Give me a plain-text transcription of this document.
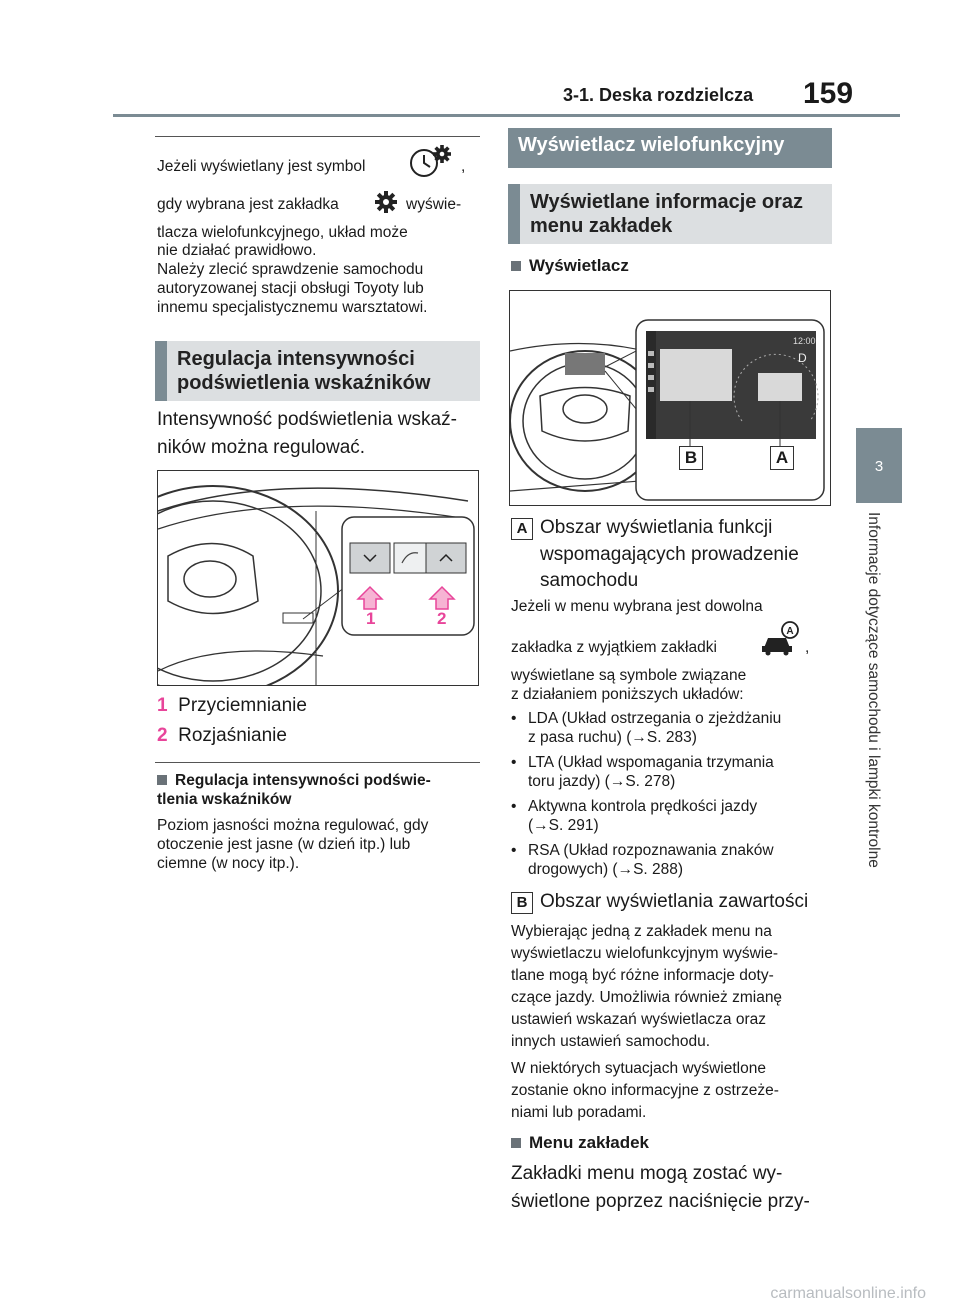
3-1. Deska rozdzielcza 159
3
Informacje dotyczące samochodu i lampki kontrolne
Jeżeli wyświetlany jest symbol	,
gdy wybrana jest zakładka	wyświe-
tlacza wielofunkcyjnego, układ może
nie działać prawidłowo.
Należy zlecić sprawdzenie samochodu
autoryzowanej stacji obsługi Toyoty lub
innemu specjalistycznemu warsztatowi.
Regulacja intensywności
podświetlenia wskaźników
Intensywność podświetlenia wskaź-
ników można regulować.
1	2
1 Przyciemnianie
2 Rozjaśnianie
Regulacja intensywności podświe-
tlenia wskaźników
Poziom jasności można regulować, gdy
otoczenie jest jasne (w dzień itp.) lub
ciemne (w nocy itp.).
Wyświetlacz wielofunkcyjny
Wyświetlane informacje oraz
menu zakładek
Wyświetlacz
12:00
D
B	A
A Obszar wyświetlania funkcji
wspomagających prowadzenie
samochodu
Jeżeli w menu wybrana jest dowolna
zakładka z wyjątkiem zakładki
A
,
wyświetlane są symbole związane
z działaniem poniższych układów:
• LDA (Układ ostrzegania o zjeżdżaniu
z pasa ruchu) (→S. 283)
• LTA (Układ wspomagania trzymania
toru jazdy) (→S. 278)
• Aktywna kontrola prędkości jazdy
(→S. 291)
• RSA (Układ rozpoznawania znaków
drogowych) (→S. 288)
B Obszar wyświetlania zawartości
Wybierając jedną z zakładek menu na
wyświetlaczu wielofunkcyjnym wyświe-
tlane mogą być różne informacje doty-
czące jazdy. Umożliwia również zmianę
ustawień wskazań wyświetlacza oraz
innych ustawień samochodu.
W niektórych sytuacjach wyświetlone
zostanie okno informacyjne z ostrzeże-
niami lub poradami.
Menu zakładek
Zakładki menu mogą zostać wy-
świetlone poprzez naciśnięcie przy-
carmanualsonline.info
